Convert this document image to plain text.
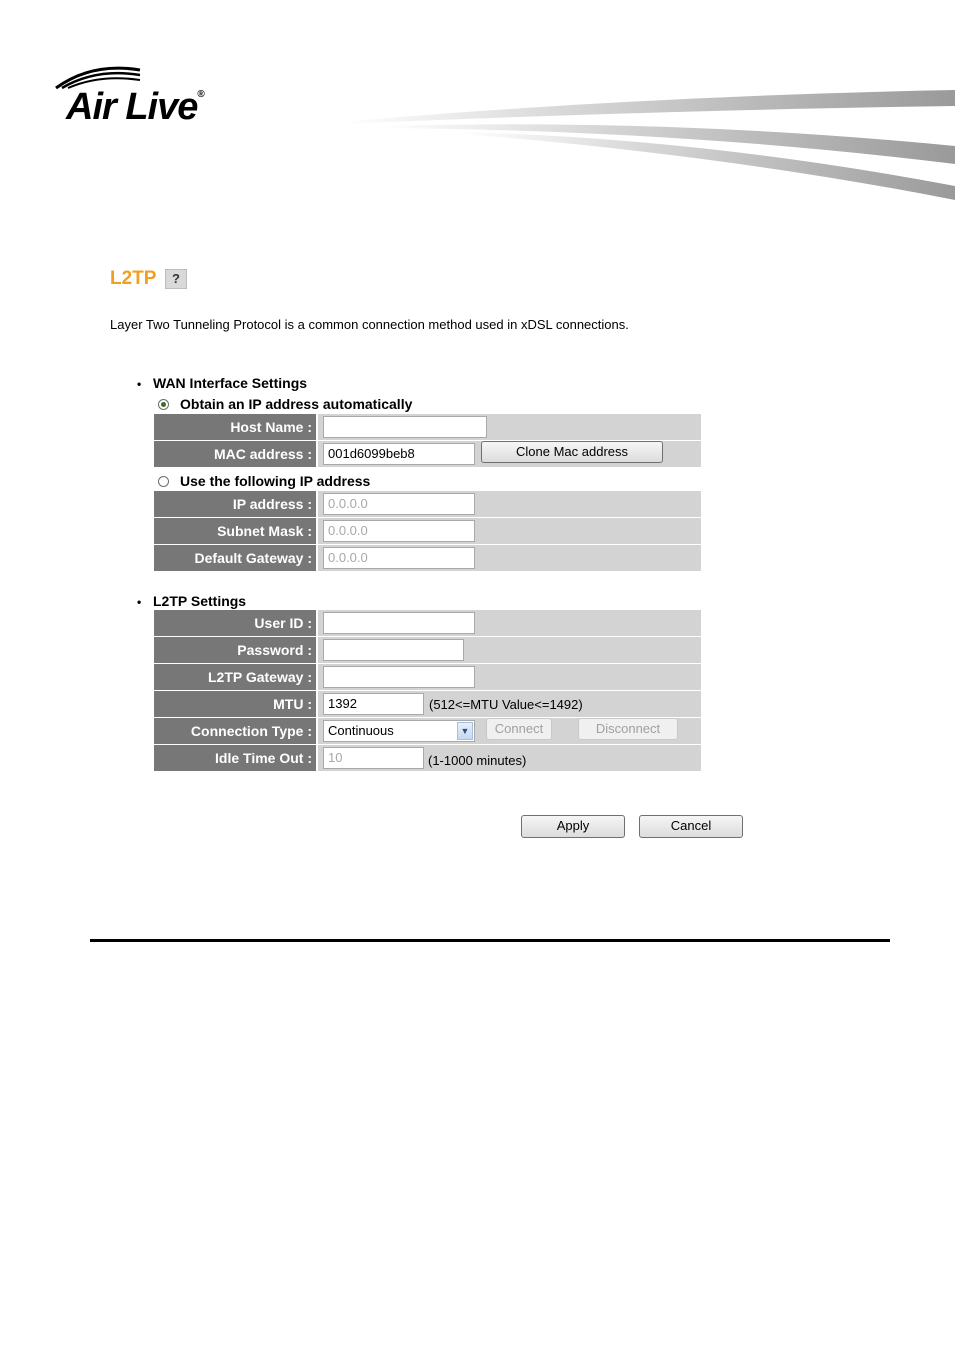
Air Live®
L2TP	?
Layer Two Tunneling Protocol is a common connection method used in xDSL connections.
• WAN Interface Settings
Obtain an IP address automatically
Host Name :
MAC address :	001d6099beb8	Clone Mac address
Use the following IP address
IP address :	0.0.0.0
Subnet Mask :	0.0.0.0
Default Gateway :	0.0.0.0
• L2TP Settings
User ID :
Password :
L2TP Gateway :
MTU :	1392	(512<=MTU Value<=1492)
Connection Type :	Continuous	▼	Connect	Disconnect
Idle Time Out :	10	(1-1000 minutes)
Apply	Cancel
